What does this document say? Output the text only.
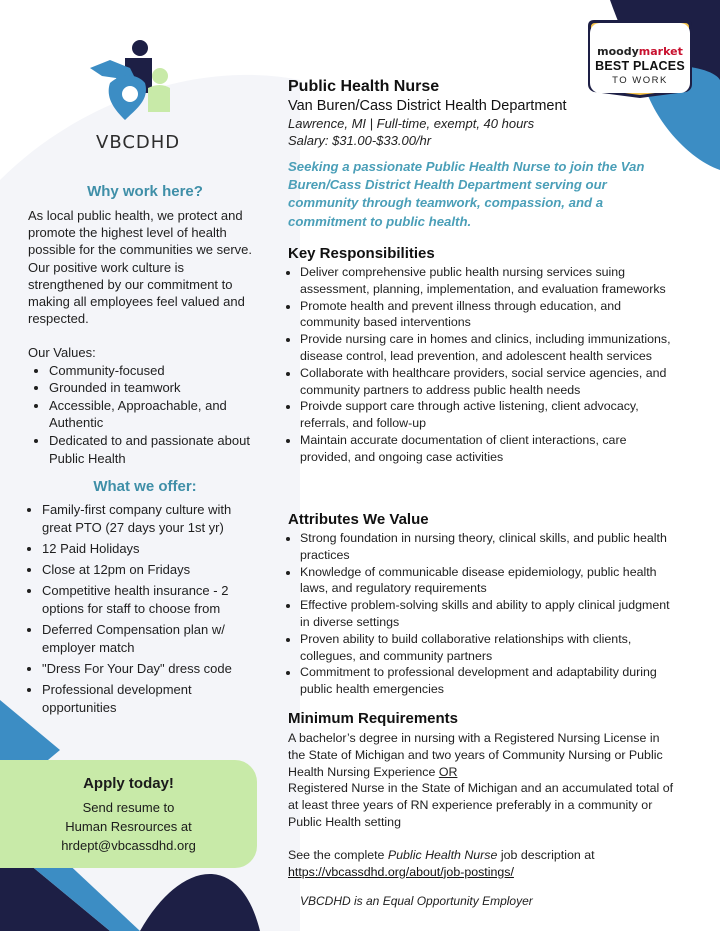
VBCDHD
moodymarket
BEST PLACES
TO WORK

Why work here?

As local public health, we protect and promote the highest level of health possible for the communities we serve. Our positive work culture is strengthened by our commitment to making all employees feel valued and respected.

Our Values:

• Community-focused
• Grounded in teamwork
• Accessible, Approachable, and Authentic
• Dedicated to and passionate about Public Health

What we offer:

• Family-first company culture with great PTO (27 days your 1st yr)
• 12 Paid Holidays
• Close at 12pm on Fridays
• Competitive health insurance - 2 options for staff to choose from
• Deferred Compensation plan w/ employer match
• "Dress For Your Day" dress code
• Professional development opportunities
Apply today!
Send resume to
Human Resrources at
hrdept@vbcassdhd.org

Public Health Nurse

Van Buren/Cass District Health Department

Lawrence, MI | Full-time, exempt, 40 hours

Salary: $31.00-$33.00/hr

Seeking a passionate Public Health Nurse to join the Van Buren/Cass District Health Department serving our community through teamwork, compassion, and a commitment to public health.

Key Responsibilities

• Deliver comprehensive public health nursing services suing assessment, planning, implementation, and evaluation frameworks
• Promote health and prevent illness through education, and community based interventions
• Provide nursing care in homes and clinics, including immunizations, disease control, lead prevention, and adolescent health services
• Collaborate with healthcare providers, social service agencies, and community partners to address public health needs
• Proivde support care through active listening, client advocacy, referrals, and follow-up
• Maintain accurate documentation of client interactions, care provided, and ongoing case activities

Attributes We Value

• Strong foundation in nursing theory, clinical skills, and public health practices
• Knowledge of communicable disease epidemiology, public health laws, and regulatory requirements
• Effective problem-solving skills and ability to apply clinical judgment in diverse settings
• Proven ability to build collaborative relationships with clients, collegues, and community partners
• Commitment to professional development and adaptability during public health emergencies

Minimum Requirements

A bachelor’s degree in nursing with a Registered Nursing License in the State of Michigan and two years of Community Nursing or Public Health Nursing Experience OR
Registered Nurse in the State of Michigan and an accumulated total of at least three years of RN experience preferably in a community or Public Health setting

See the complete Public Health Nurse job description at
https://vbcassdhd.org/about/job-postings/

VBCDHD is an Equal Opportunity Employer
